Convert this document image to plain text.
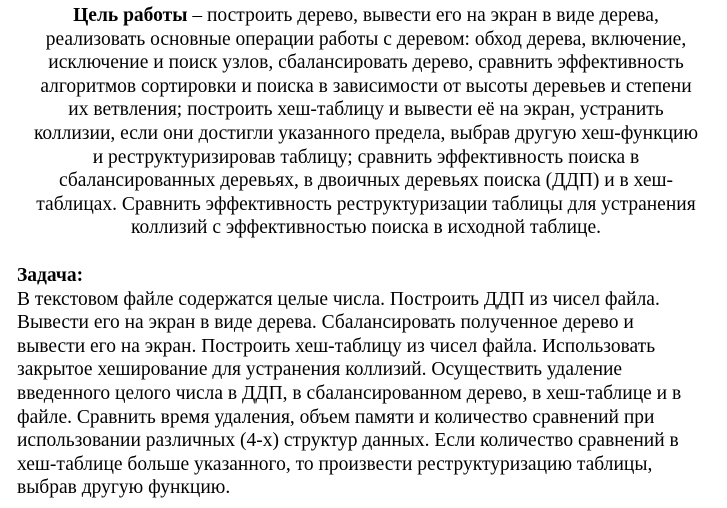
Цель работы – построить дерево, вывести его на экран в виде дерева,
реализовать основные операции работы с деревом: обход дерева, включение,
исключение и поиск узлов, сбалансировать дерево, сравнить эффективность
алгоритмов сортировки и поиска в зависимости от высоты деревьев и степени
их ветвления; построить хеш-таблицу и вывести её на экран, устранить
коллизии, если они достигли указанного предела, выбрав другую хеш-функцию
и реструктуризировав таблицу; сравнить эффективность поиска в
сбалансированных деревьях, в двоичных деревьях поиска (ДДП) и в хеш-
таблицах. Сравнить эффективность реструктуризации таблицы для устранения
коллизий с эффективностью поиска в исходной таблице.
Задача:
В текстовом файле содержатся целые числа. Построить ДДП из чисел файла.
Вывести его на экран в виде дерева. Сбалансировать полученное дерево и
вывести его на экран. Построить хеш-таблицу из чисел файла. Использовать
закрытое хеширование для устранения коллизий. Осуществить удаление
введенного целого числа в ДДП, в сбалансированном дерево, в хеш-таблице и в
файле. Сравнить время удаления, объем памяти и количество сравнений при
использовании различных (4-х) структур данных. Если количество сравнений в
хеш-таблице больше указанного, то произвести реструктуризацию таблицы,
выбрав другую функцию.
